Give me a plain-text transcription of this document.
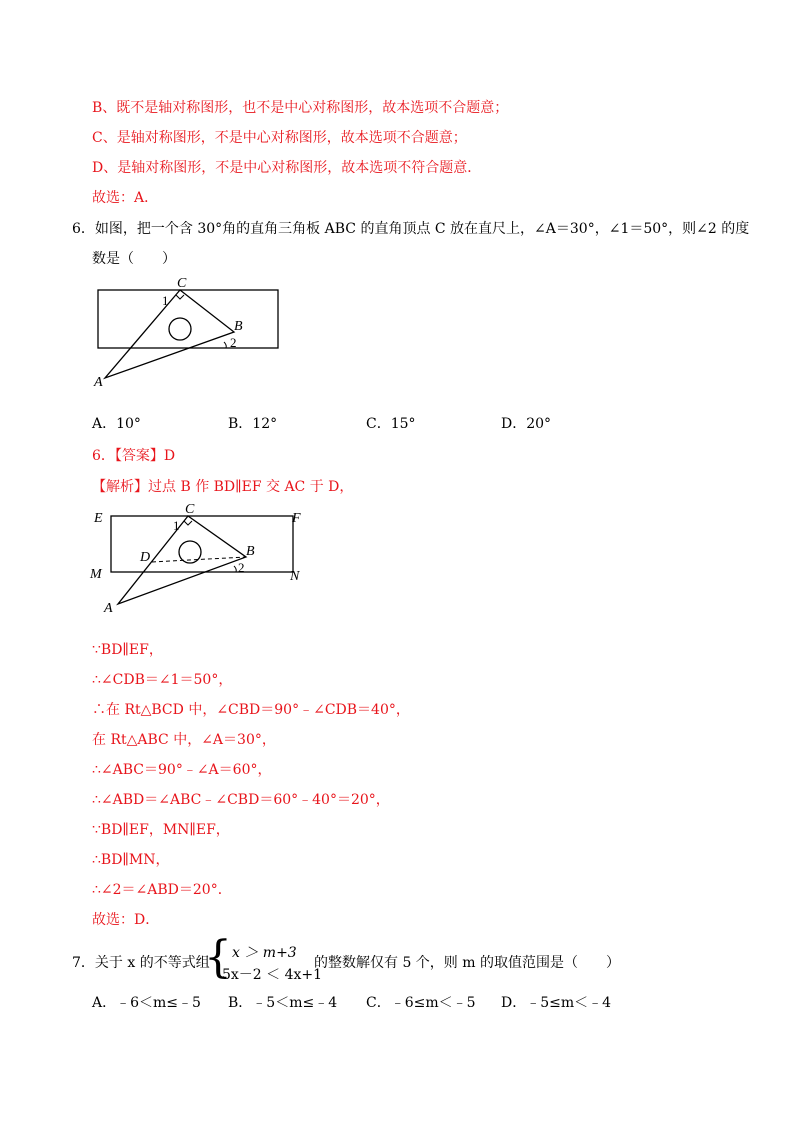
B、既不是轴对称图形，也不是中心对称图形，故本选项不合题意；
C、是轴对称图形，不是中心对称图形，故本选项不合题意；
D、是轴对称图形，不是中心对称图形，故本选项不符合题意．
故选：A．
6．如图，把一个含 30°角的直角三角板 ABC 的直角顶点 C 放在直尺上，∠A＝30°，∠1＝50°，则∠2 的度
数是（　　）
C
1
B
2
A
A．10°	B．12°	C．15°	D．20°
6．【答案】D
【解析】过点 B 作 BD∥EF 交 AC 于 D，
E	F
C
1
D	B
2
M	N
A
∵BD∥EF，
∴∠CDB＝∠1＝50°，
∴在 Rt△BCD 中，∠CBD＝90°﹣∠CDB＝40°，
在 Rt△ABC 中，∠A＝30°，
∴∠ABC＝90°﹣∠A＝60°，
∴∠ABD＝∠ABC﹣∠CBD＝60°﹣40°＝20°，
∵BD∥EF，MN∥EF，
∴BD∥MN，
∴∠2＝∠ABD＝20°．
故选：D．
7．关于 x 的不等式组
{ x ＞ m+3
5x－2 ＜ 4x+1
的整数解仅有 5 个，则 m 的取值范围是（　　）
A．﹣6＜m≤﹣5 B．﹣5＜m≤﹣4 C．﹣6≤m＜﹣5 D．﹣5≤m＜﹣4
